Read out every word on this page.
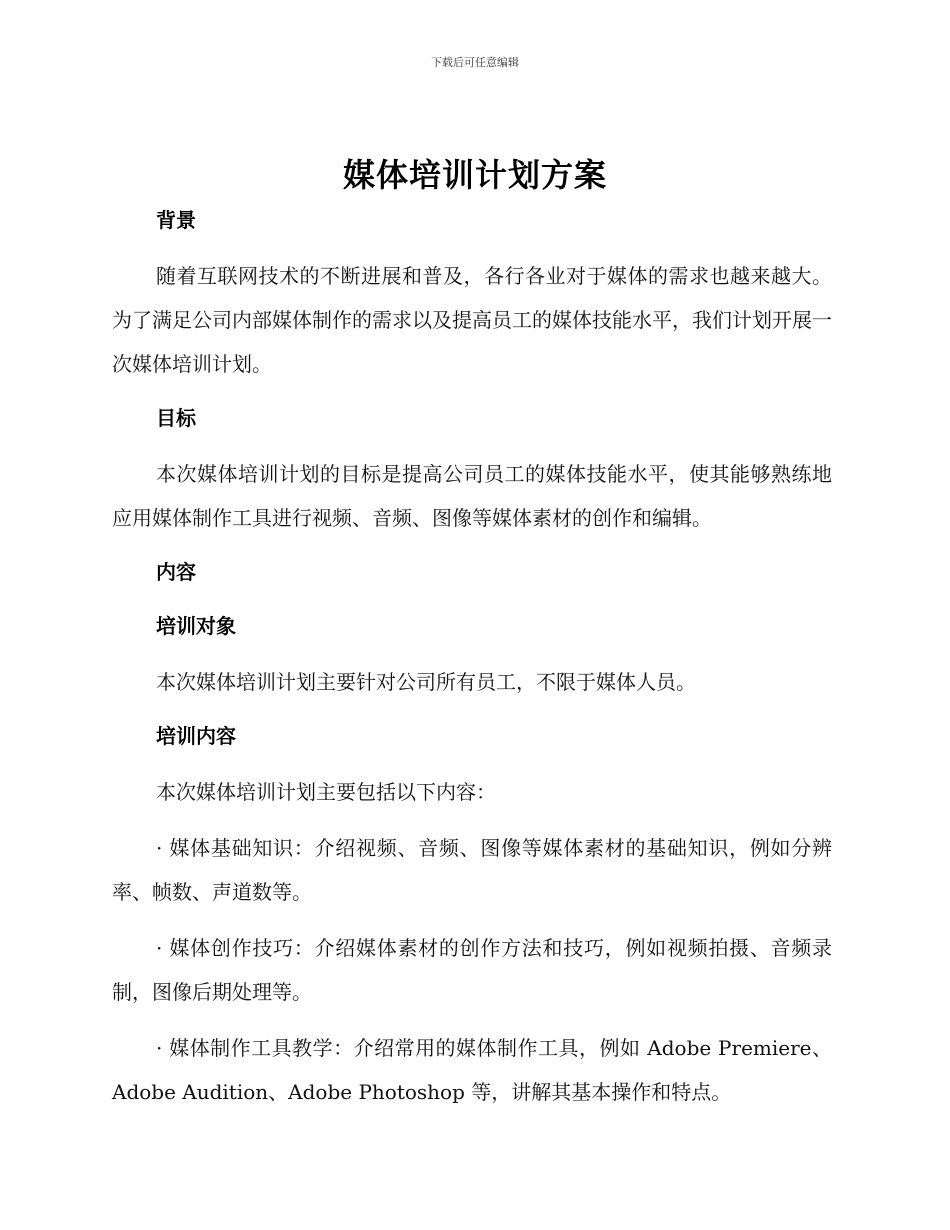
下载后可任意编辑
媒体培训计划方案
背景

随着互联网技术的不断进展和普及，各行各业对于媒体的需求也越来越大。为了满足公司内部媒体制作的需求以及提高员工的媒体技能水平，我们计划开展一次媒体培训计划。

目标

本次媒体培训计划的目标是提高公司员工的媒体技能水平，使其能够熟练地应用媒体制作工具进行视频、音频、图像等媒体素材的创作和编辑。

内容
培训对象

本次媒体培训计划主要针对公司所有员工，不限于媒体人员。

培训内容

本次媒体培训计划主要包括以下内容：

· 媒体基础知识：介绍视频、音频、图像等媒体素材的基础知识，例如分辨率、帧数、声道数等。

· 媒体创作技巧：介绍媒体素材的创作方法和技巧，例如视频拍摄、音频录制，图像后期处理等。

· 媒体制作工具教学：介绍常用的媒体制作工具，例如 Adobe Premiere、Adobe Audition、Adobe Photoshop 等，讲解其基本操作和特点。
